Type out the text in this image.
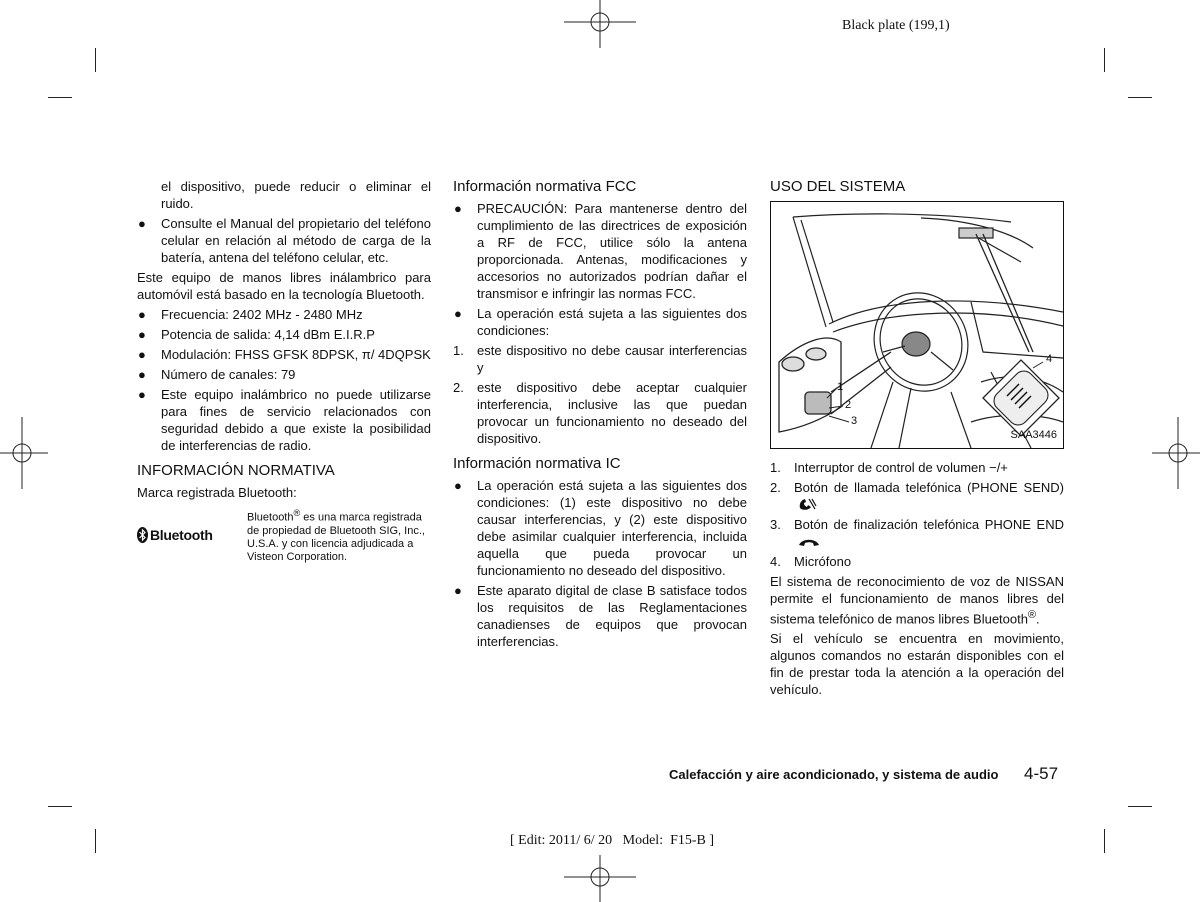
Black plate (199,1)

el dispositivo, puede reducir o eliminar el ruido.

● Consulte el Manual del propietario del teléfono celular en relación al método de carga de la batería, antena del teléfono celular, etc.

Este equipo de manos libres inálambrico para automóvil está basado en la tecnología Bluetooth.

● Frecuencia: 2402 MHz - 2480 MHz
● Potencia de salida: 4,14 dBm E.I.R.P
● Modulación: FHSS GFSK 8DPSK, π/ 4DQPSK
● Número de canales: 79
● Este equipo inalámbrico no puede utilizarse para fines de servicio relacionados con seguridad debido a que existe la posibilidad de interferencias de radio.
INFORMACIÓN NORMATIVA

Marca registrada Bluetooth:

Bluetooth
Bluetooth® es una marca registrada de propiedad de Bluetooth SIG, Inc., U.S.A. y con licencia adjudicada a Visteon Corporation.
Información normativa FCC
● PRECAUCIÓN: Para mantenerse dentro del cumplimiento de las directrices de exposición a RF de FCC, utilice sólo la antena proporcionada. Antenas, modificaciones y accesorios no autorizados podrían dañar el transmisor e infringir las normas FCC.
● La operación está sujeta a las siguientes dos condiciones:
1. este dispositivo no debe causar interferencias y
2. este dispositivo debe aceptar cualquier interferencia, inclusive las que puedan provocar un funcionamiento no deseado del dispositivo.
Información normativa IC
● La operación está sujeta a las siguientes dos condiciones: (1) este dispositivo no debe causar interferencias, y (2) este dispositivo debe asimilar cualquier interferencia, incluida aquella que pueda provocar un funcionamiento no deseado del dispositivo.
● Este aparato digital de clase B satisface todos los requisitos de las Reglamentaciones canadienses de equipos que provocan interferencias.
USO DEL SISTEMA
1
2
3
4
SAA3446
1. Interruptor de control de volumen −/+
2. Botón de llamada telefónica (PHONE SEND)
3. Botón de finalización telefónica PHONE END
4. Micrófono

El sistema de reconocimiento de voz de NISSAN permite el funcionamiento de manos libres del sistema telefónico de manos libres Bluetooth®.

Si el vehículo se encuentra en movimiento, algunos comandos no estarán disponibles con el fin de prestar toda la atención a la operación del vehículo.

Calefacción y aire acondicionado, y sistema de audio 4-57
[ Edit: 2011/ 6/ 20   Model:  F15-B ]
